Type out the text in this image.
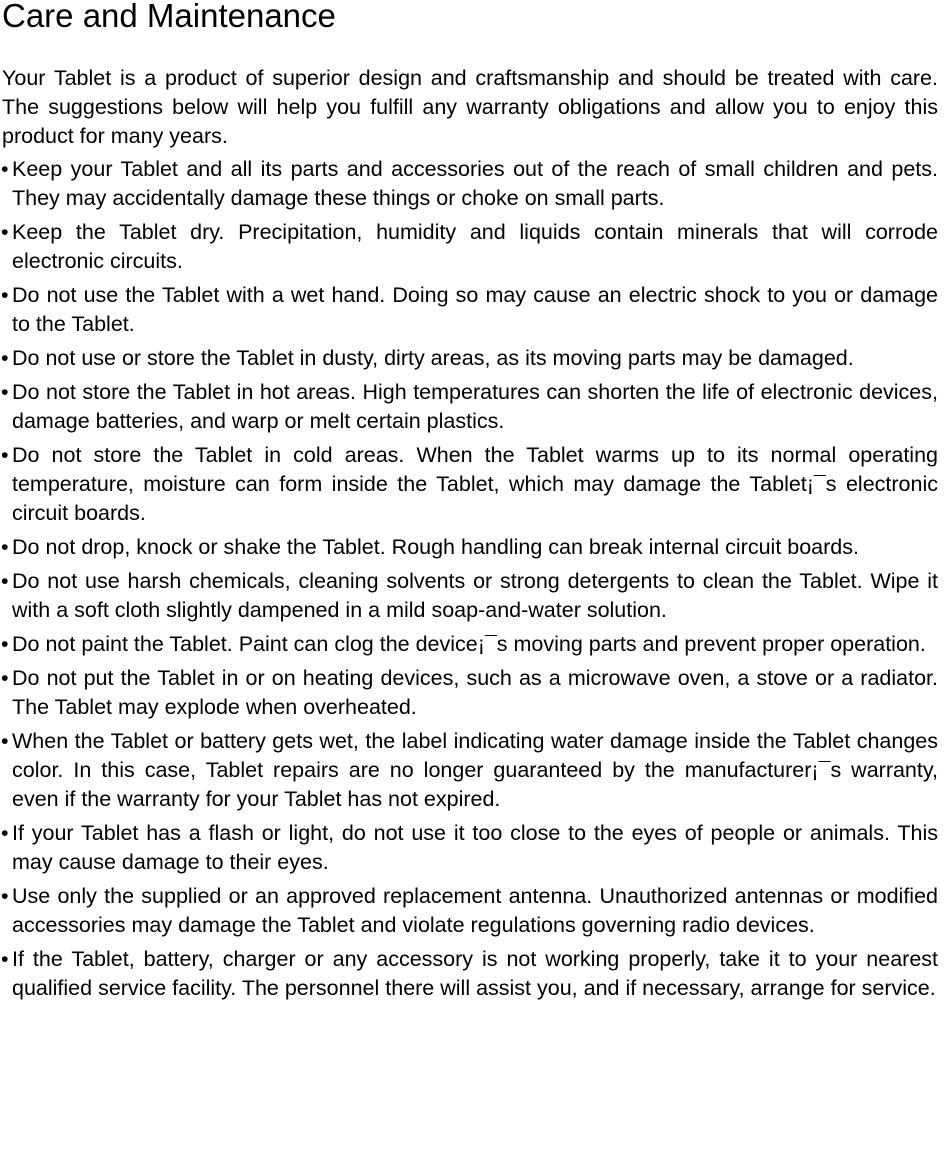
Care and Maintenance

Your Tablet is a product of superior design and craftsmanship and should be treated with care. The suggestions below will help you fulfill any warranty obligations and allow you to enjoy this product for many years.

• Keep your Tablet and all its parts and accessories out of the reach of small children and pets. They may accidentally damage these things or choke on small parts.
• Keep the Tablet dry. Precipitation, humidity and liquids contain minerals that will corrode electronic circuits.
• Do not use the Tablet with a wet hand. Doing so may cause an electric shock to you or damage to the Tablet.
• Do not use or store the Tablet in dusty, dirty areas, as its moving parts may be damaged.
• Do not store the Tablet in hot areas. High temperatures can shorten the life of electronic devices, damage batteries, and warp or melt certain plastics.
• Do not store the Tablet in cold areas. When the Tablet warms up to its normal operating temperature, moisture can form inside the Tablet, which may damage the Tablet¡¯s electronic circuit boards.
• Do not drop, knock or shake the Tablet. Rough handling can break internal circuit boards.
• Do not use harsh chemicals, cleaning solvents or strong detergents to clean the Tablet. Wipe it with a soft cloth slightly dampened in a mild soap-and-water solution.
• Do not paint the Tablet. Paint can clog the device¡¯s moving parts and prevent proper operation.
• Do not put the Tablet in or on heating devices, such as a microwave oven, a stove or a radiator. The Tablet may explode when overheated.
• When the Tablet or battery gets wet, the label indicating water damage inside the Tablet changes color. In this case, Tablet repairs are no longer guaranteed by the manufacturer¡¯s warranty, even if the warranty for your Tablet has not expired.
• If your Tablet has a flash or light, do not use it too close to the eyes of people or animals. This may cause damage to their eyes.
• Use only the supplied or an approved replacement antenna. Unauthorized antennas or modified accessories may damage the Tablet and violate regulations governing radio devices.
• If the Tablet, battery, charger or any accessory is not working properly, take it to your nearest qualified service facility. The personnel there will assist you, and if necessary, arrange for service.
